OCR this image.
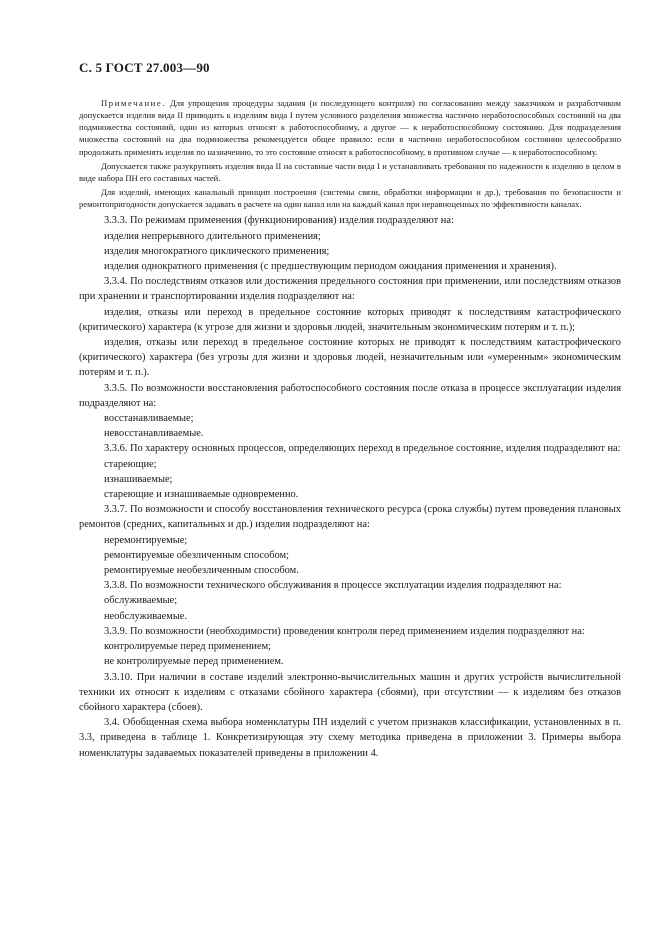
С. 5 ГОСТ 27.003—90

Примечание. Для упрощения процедуры задания (и последующего контроля) по согласованию между заказчиком и разработчиком допускается изделия вида II приводить к изделиям вида I путем условного разделения множества частично неработоспособных состояний на два подмножества состояний, одно из которых относят к работоспособному, а другое — к неработоспособному состоянию. Для подразделения множества состояний на два подмножества рекомендуется общее правило: если в частично неработоспособном состоянии целесообразно продолжать применять изделия по назначению, то это состояние относят к работоспособному, в противном случае — к неработоспособному.

Допускается также разукрупнять изделия вида II на составные части вида I и устанавливать требования по надежности к изделию в целом в виде набора ПН его составных частей.

Для изделий, имеющих канальный принцип построения (системы связи, обработки информации и др.), требования по безопасности и ремонтопригодности допускается задавать в расчете на один канал или на каждый канал при неравноценных по эффективности каналах.

3.3.3. По режимам применения (функционирования) изделия подразделяют на:

изделия непрерывного длительного применения;

изделия многократного циклического применения;

изделия однократного применения (с предшествующим периодом ожидания применения и хранения).

3.3.4. По последствиям отказов или достижения предельного состояния при применении, или последствиям отказов при хранении и транспортировании изделия подразделяют на:

изделия, отказы или переход в предельное состояние которых приводят к последствиям катастрофического (критического) характера (к угрозе для жизни и здоровья людей, значительным экономическим потерям и т. п.);

изделия, отказы или переход в предельное состояние которых не приводят к последствиям катастрофического (критического) характера (без угрозы для жизни и здоровья людей, незначительным или «умеренным» экономическим потерям и т. п.).

3.3.5. По возможности восстановления работоспособного состояния после отказа в процессе эксплуатации изделия подразделяют на:

восстанавливаемые;

невосстанавливаемые.

3.3.6. По характеру основных процессов, определяющих переход в предельное состояние, изделия подразделяют на:

стареющие;

изнашиваемые;

стареющие и изнашиваемые одновременно.

3.3.7. По возможности и способу восстановления технического ресурса (срока службы) путем проведения плановых ремонтов (средних, капитальных и др.) изделия подразделяют на:

неремонтируемые;

ремонтируемые обезличенным способом;

ремонтируемые необезличенным способом.

3.3.8. По возможности технического обслуживания в процессе эксплуатации изделия подразделяют на:

обслуживаемые;

необслуживаемые.

3.3.9. По возможности (необходимости) проведения контроля перед применением изделия подразделяют на:

контролируемые перед применением;

не контролируемые перед применением.

3.3.10. При наличии в составе изделий электронно-вычислительных машин и других устройств вычислительной техники их относят к изделиям с отказами сбойного характера (сбоями), при отсутствии — к изделиям без отказов сбойного характера (сбоев).

3.4. Обобщенная схема выбора номенклатуры ПН изделий с учетом признаков классификации, установленных в п. 3.3, приведена в таблице 1. Конкретизирующая эту схему методика приведена в приложении 3. Примеры выбора номенклатуры задаваемых показателей приведены в приложении 4.
